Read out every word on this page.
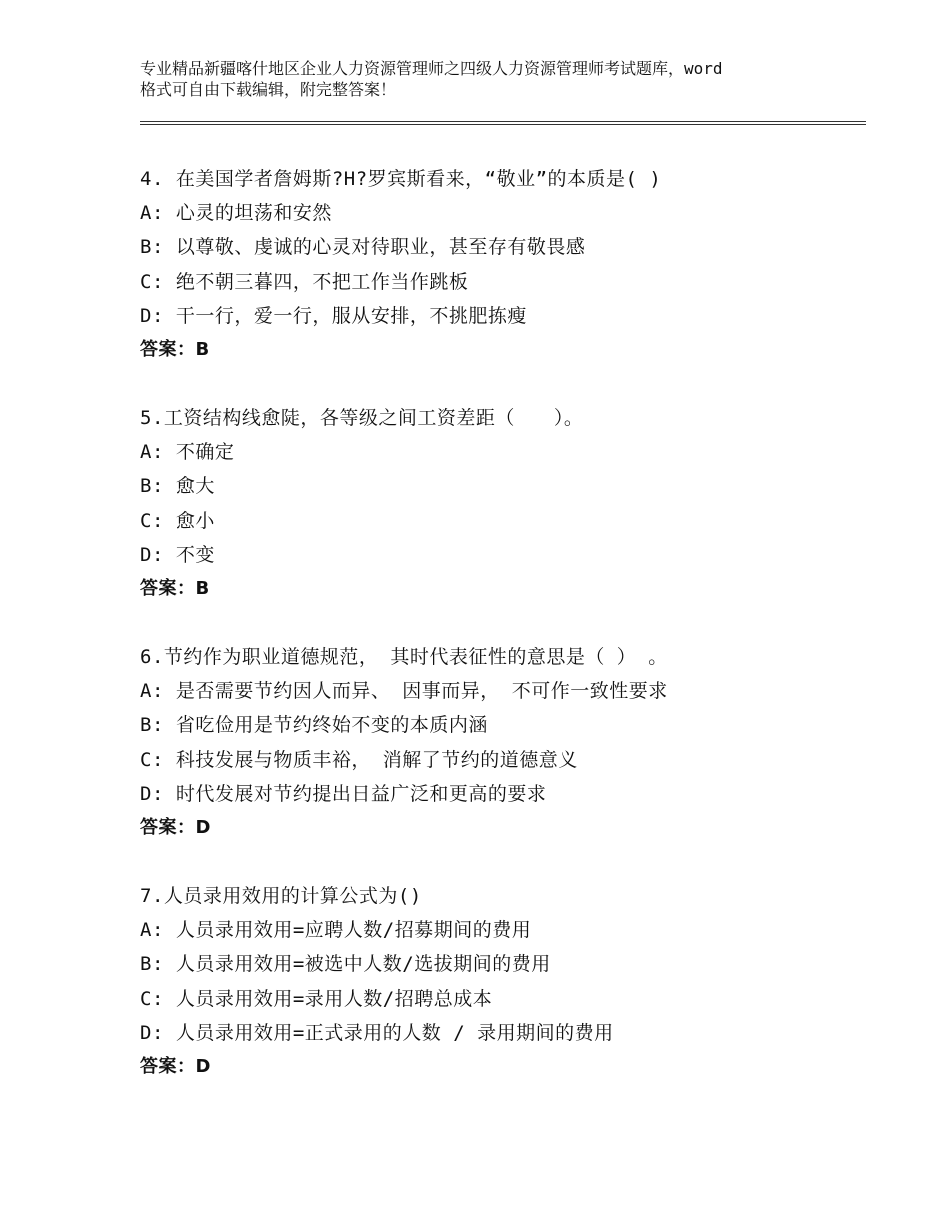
专业精品新疆喀什地区企业人力资源管理师之四级人力资源管理师考试题库，word
格式可自由下载编辑，附完整答案！
4. 在美国学者詹姆斯?H?罗宾斯看来，“敬业”的本质是( )
A: 心灵的坦荡和安然
B: 以尊敬、虔诚的心灵对待职业，甚至存有敬畏感
C: 绝不朝三暮四，不把工作当作跳板
D: 干一行，爱一行，服从安排，不挑肥拣瘦
答案：B
5.工资结构线愈陡，各等级之间工资差距（　　）。
A: 不确定
B: 愈大
C: 愈小
D: 不变
答案：B
6.节约作为职业道德规范， 其时代表征性的意思是（ ） 。
A: 是否需要节约因人而异、 因事而异， 不可作一致性要求
B: 省吃俭用是节约终始不变的本质内涵
C: 科技发展与物质丰裕， 消解了节约的道德意义
D: 时代发展对节约提出日益广泛和更高的要求
答案：D
7.人员录用效用的计算公式为()
A: 人员录用效用=应聘人数/招募期间的费用
B: 人员录用效用=被选中人数/选拔期间的费用
C: 人员录用效用=录用人数/招聘总成本
D: 人员录用效用=正式录用的人数 / 录用期间的费用
答案：D
